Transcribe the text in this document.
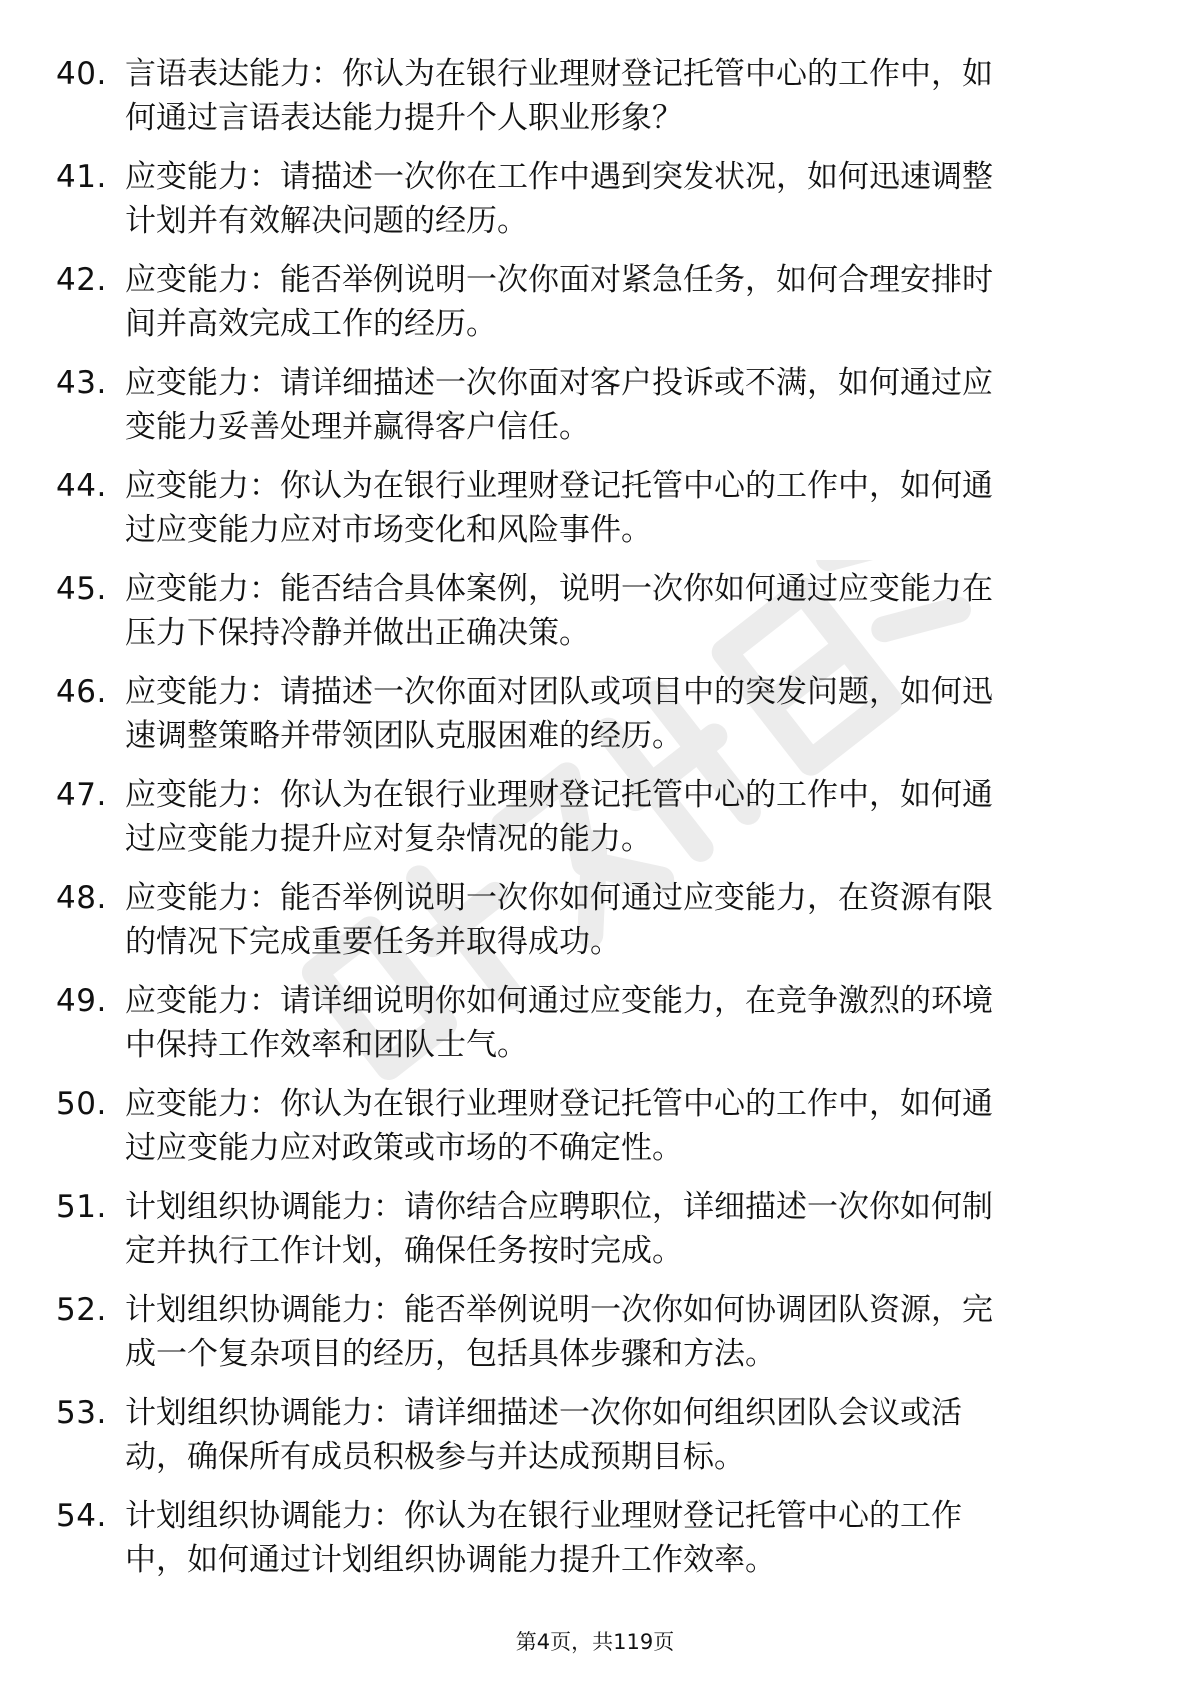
40. 言语表达能力：你认为在银行业理财登记托管中心的工作中，如
何通过言语表达能力提升个人职业形象？
41. 应变能力：请描述一次你在工作中遇到突发状况，如何迅速调整
计划并有效解决问题的经历。
42. 应变能力：能否举例说明一次你面对紧急任务，如何合理安排时
间并高效完成工作的经历。
43. 应变能力：请详细描述一次你面对客户投诉或不满，如何通过应
变能力妥善处理并赢得客户信任。
44. 应变能力：你认为在银行业理财登记托管中心的工作中，如何通
过应变能力应对市场变化和风险事件。
45. 应变能力：能否结合具体案例，说明一次你如何通过应变能力在
压力下保持冷静并做出正确决策。
46. 应变能力：请描述一次你面对团队或项目中的突发问题，如何迅
速调整策略并带领团队克服困难的经历。
47. 应变能力：你认为在银行业理财登记托管中心的工作中，如何通
过应变能力提升应对复杂情况的能力。
48. 应变能力：能否举例说明一次你如何通过应变能力，在资源有限
的情况下完成重要任务并取得成功。
49. 应变能力：请详细说明你如何通过应变能力，在竞争激烈的环境
中保持工作效率和团队士气。
50. 应变能力：你认为在银行业理财登记托管中心的工作中，如何通
过应变能力应对政策或市场的不确定性。
51. 计划组织协调能力：请你结合应聘职位，详细描述一次你如何制
定并执行工作计划，确保任务按时完成。
52. 计划组织协调能力：能否举例说明一次你如何协调团队资源，完
成一个复杂项目的经历，包括具体步骤和方法。
53. 计划组织协调能力：请详细描述一次你如何组织团队会议或活
动，确保所有成员积极参与并达成预期目标。
54. 计划组织协调能力：你认为在银行业理财登记托管中心的工作
中，如何通过计划组织协调能力提升工作效率。
第4页，共119页
